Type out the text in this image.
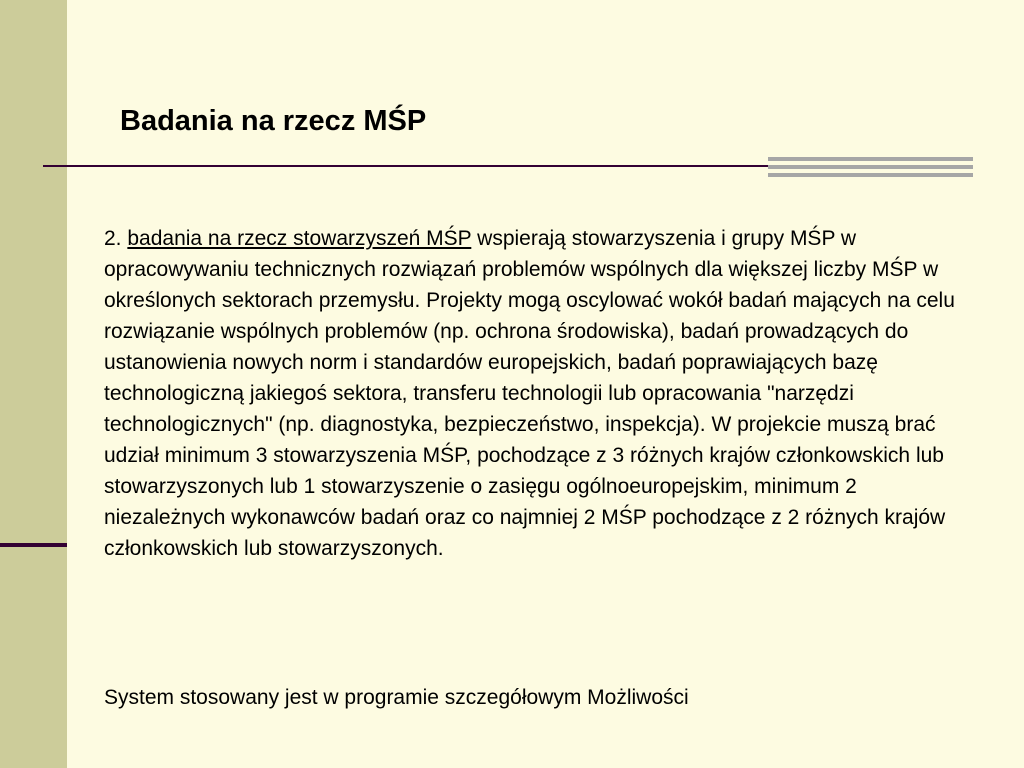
Badania na rzecz MŚP

2. badania na rzecz stowarzyszeń MŚP wspierają stowarzyszenia i grupy MŚP w opracowywaniu technicznych rozwiązań problemów wspólnych dla większej liczby MŚP w określonych sektorach przemysłu. Projekty mogą oscylować wokół badań mających na celu rozwiązanie wspólnych problemów (np. ochrona środowiska), badań prowadzących do ustanowienia nowych norm i standardów europejskich, badań poprawiających bazę technologiczną jakiegoś sektora, transferu technologii lub opracowania "narzędzi technologicznych" (np. diagnostyka, bezpieczeństwo, inspekcja). W projekcie muszą brać udział minimum 3 stowarzyszenia MŚP, pochodzące z 3 różnych krajów członkowskich lub stowarzyszonych lub 1 stowarzyszenie o zasięgu ogólnoeuropejskim, minimum 2 niezależnych wykonawców badań oraz co najmniej 2 MŚP pochodzące z 2 różnych krajów członkowskich lub stowarzyszonych.

System stosowany jest w programie szczegółowym Możliwości
